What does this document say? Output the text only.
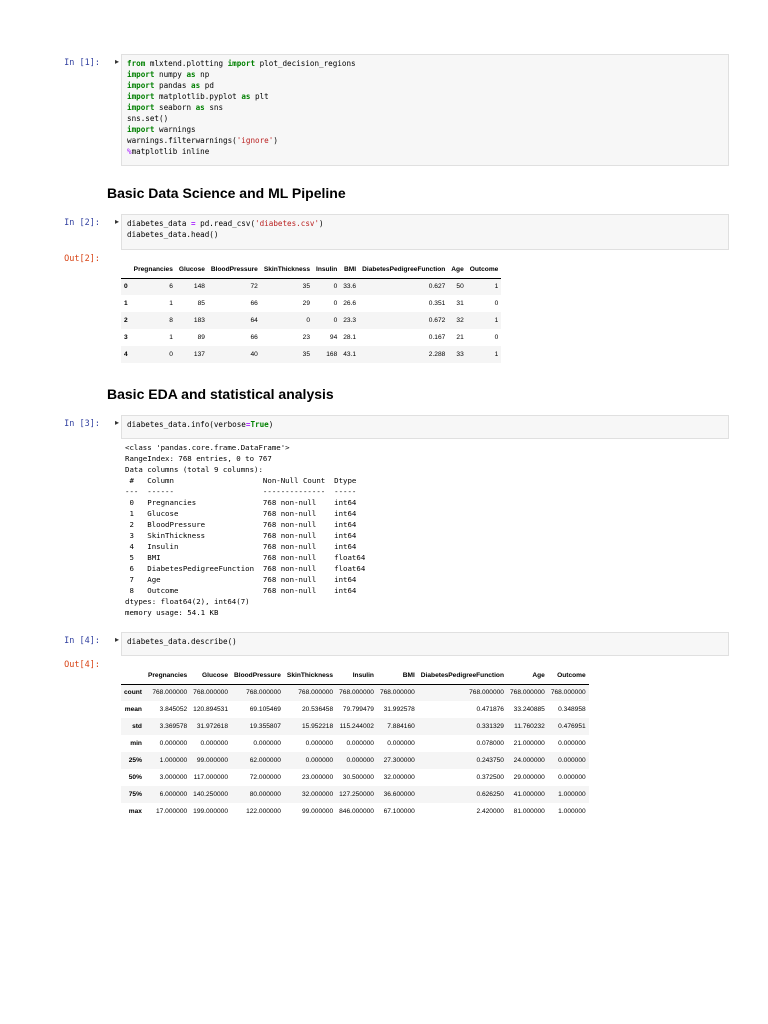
In [1]:	▸ from mlxtend.plotting import plot_decision_regions
import numpy as np
import pandas as pd
import matplotlib.pyplot as plt
import seaborn as sns
sns.set()
import warnings
warnings.filterwarnings('ignore')
%matplotlib inline
Basic Data Science and ML Pipeline
In [2]:	▸ diabetes_data = pd.read_csv('diabetes.csv')
diabetes_data.head()
Out[2]:
	Pregnancies	Glucose	BloodPressure	SkinThickness	Insulin	BMI	DiabetesPedigreeFunction	Age	Outcome
0	6	148	72	35	0	33.6	0.627	50	1
1	1	85	66	29	0	26.6	0.351	31	0
2	8	183	64	0	0	23.3	0.672	32	1
3	1	89	66	23	94	28.1	0.167	21	0
4	0	137	40	35	168	43.1	2.288	33	1
Basic EDA and statistical analysis
In [3]:	▸ diabetes_data.info(verbose=True)
<class 'pandas.core.frame.DataFrame'>
RangeIndex: 768 entries, 0 to 767
Data columns (total 9 columns):
#   Column                    Non-Null Count  Dtype
---  ------                    --------------  -----
0   Pregnancies               768 non-null    int64
1   Glucose                   768 non-null    int64
2   BloodPressure             768 non-null    int64
3   SkinThickness             768 non-null    int64
4   Insulin                   768 non-null    int64
5   BMI                       768 non-null    float64
6   DiabetesPedigreeFunction  768 non-null    float64
7   Age                       768 non-null    int64
8   Outcome                   768 non-null    int64
dtypes: float64(2), int64(7)
memory usage: 54.1 KB
In [4]:	▸ diabetes_data.describe()
Out[4]:
	Pregnancies	Glucose	BloodPressure	SkinThickness	Insulin	BMI	DiabetesPedigreeFunction	Age	Outcome
count	768.000000	768.000000	768.000000	768.000000	768.000000	768.000000	768.000000	768.000000	768.000000
mean	3.845052	120.894531	69.105469	20.536458	79.799479	31.992578	0.471876	33.240885	0.348958
std	3.369578	31.972618	19.355807	15.952218	115.244002	7.884160	0.331329	11.760232	0.476951
min	0.000000	0.000000	0.000000	0.000000	0.000000	0.000000	0.078000	21.000000	0.000000
25%	1.000000	99.000000	62.000000	0.000000	0.000000	27.300000	0.243750	24.000000	0.000000
50%	3.000000	117.000000	72.000000	23.000000	30.500000	32.000000	0.372500	29.000000	0.000000
75%	6.000000	140.250000	80.000000	32.000000	127.250000	36.600000	0.626250	41.000000	1.000000
max	17.000000	199.000000	122.000000	99.000000	846.000000	67.100000	2.420000	81.000000	1.000000
